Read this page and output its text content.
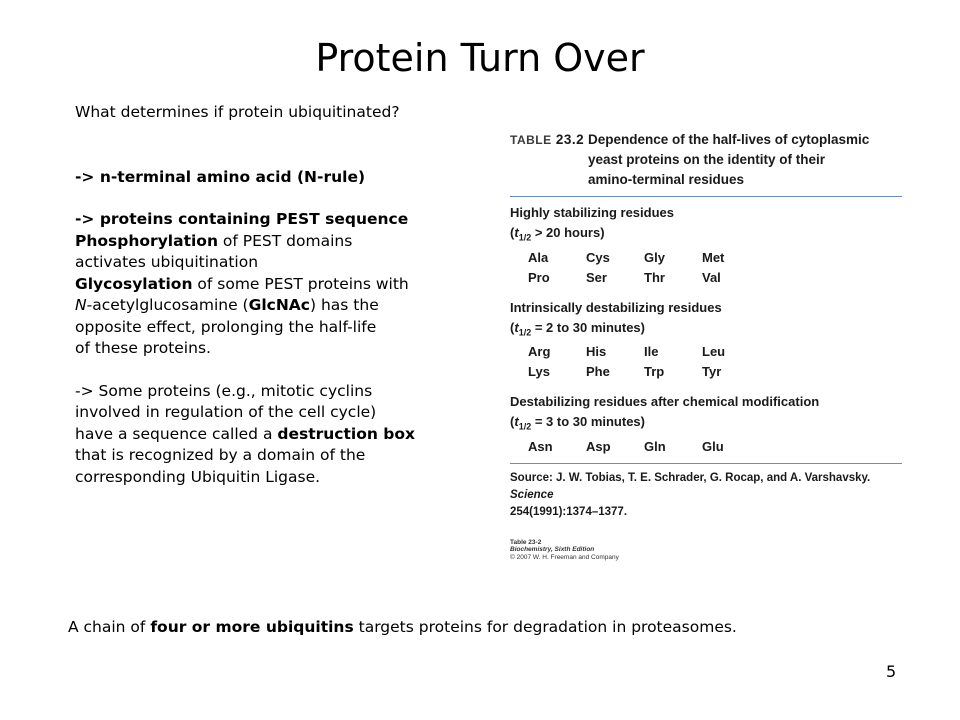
Protein Turn Over

What determines if protein ubiquitinated?

-> n-terminal amino acid (N-rule)

-> proteins containing PEST sequence

Phosphorylation of PEST domains

activates ubiquitination

Glycosylation of some PEST proteins with

N-acetylglucosamine (GlcNAc) has the

opposite effect, prolonging the half-life

of these proteins.

-> Some proteins (e.g., mitotic cyclins

involved in regulation of the cell cycle)

have a sequence called a destruction box

that is recognized by a domain of the

corresponding Ubiquitin Ligase.

TABLE 23.2 Dependence of the half-lives of cytoplasmic
yeast proteins on the identity of their
amino-terminal residues
Highly stabilizing residues
($t_{1/2} > 20$ hours)
Ala	Cys	Gly	Met
Pro	Ser	Thr	Val
Intrinsically destabilizing residues
($t_{1/2} = 2$ to 30 minutes)
Arg	His	Ile	Leu
Lys	Phe	Trp	Tyr
Destabilizing residues after chemical modification
($t_{1/2} = 3$ to 30 minutes)
Asn	Asp	Gln	Glu
Source: J. W. Tobias, T. E. Schrader, G. Rocap, and A. Varshavsky. Science
254(1991):1374–1377.
Table 23-2
Biochemistry, Sixth Edition
© 2007 W. H. Freeman and Company
A chain of four or more ubiquitins targets proteins for degradation in proteasomes.
5
